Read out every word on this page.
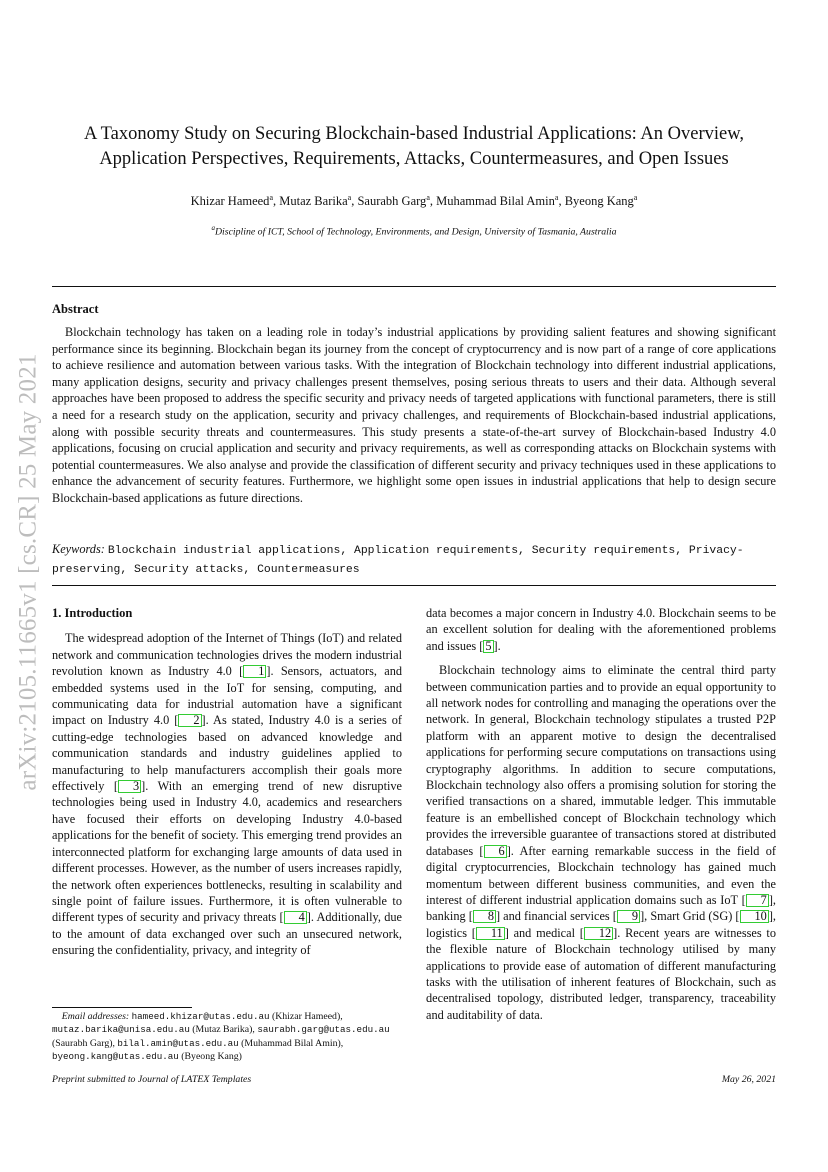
arXiv:2105.11665v1 [cs.CR] 25 May 2021
A Taxonomy Study on Securing Blockchain-based Industrial Applications: An Overview,
Application Perspectives, Requirements, Attacks, Countermeasures, and Open Issues
Khizar Hameed$^a$, Mutaz Barika$^a$, Saurabh Garg$^a$, Muhammad Bilal Amin$^a$, Byeong Kang$^a$
$^a$Discipline of ICT, School of Technology, Environments, and Design, University of Tasmania, Australia
Abstract
Blockchain technology has taken on a leading role in today’s industrial applications by providing salient features and showing significant performance since its beginning. Blockchain began its journey from the concept of cryptocurrency and is now part of a range of core applications to achieve resilience and automation between various tasks. With the integration of Blockchain technology into different industrial applications, many application designs, security and privacy challenges present themselves, posing serious threats to users and their data. Although several approaches have been proposed to address the specific security and privacy needs of targeted applications with functional parameters, there is still a need for a research study on the application, security and privacy challenges, and requirements of Blockchain-based industrial applications, along with possible security threats and countermeasures. This study presents a state-of-the-art survey of Blockchain-based Industry 4.0 applications, focusing on crucial application and security and privacy requirements, as well as corresponding attacks on Blockchain systems with potential countermeasures. We also analyse and provide the classification of different security and privacy techniques used in these applications to enhance the advancement of security features. Furthermore, we highlight some open issues in industrial applications that help to design secure Blockchain-based applications as future directions.
Keywords: Blockchain industrial applications, Application requirements, Security requirements, Privacy-preserving, Security attacks, Countermeasures
1. Introduction

The widespread adoption of the Internet of Things (IoT) and related network and communication technologies drives the modern industrial revolution known as Industry 4.0 [ 1 ]. Sensors, actuators, and embedded systems used in the IoT for sensing, computing, and communicating data for industrial automation have a significant impact on Industry 4.0 [ 2 ]. As stated, Industry 4.0 is a series of cutting-edge technologies based on advanced knowledge and communication standards and industry guidelines applied to manufacturing to help manufacturers accomplish their goals more effectively [ 3 ]. With an emerging trend of new disruptive technologies being used in Industry 4.0, academics and researchers have focused their efforts on developing Industry 4.0-based applications for the benefit of society. This emerging trend provides an interconnected platform for exchanging large amounts of data used in different processes. However, as the number of users increases rapidly, the network often experiences bottlenecks, resulting in scalability and single point of failure issues. Furthermore, it is often vulnerable to different types of security and privacy threats [ 4 ]. Additionally, due to the amount of data exchanged over such an unsecured network, ensuring the confidentiality, privacy, and integrity of

data becomes a major concern in Industry 4.0. Blockchain seems to be an excellent solution for dealing with the aforementioned problems and issues [ 5 ].

Blockchain technology aims to eliminate the central third party between communication parties and to provide an equal opportunity to all network nodes for controlling and managing the operations over the network. In general, Blockchain technology stipulates a trusted P2P platform with an apparent motive to design the decentralised applications for performing secure computations on transactions using cryptography algorithms. In addition to secure computations, Blockchain technology also offers a promising solution for storing the verified transactions on a shared, immutable ledger. This immutable feature is an embellished concept of Blockchain technology which provides the irreversible guarantee of transactions stored at distributed databases [ 6 ]. After earning remarkable success in the field of digital cryptocurrencies, Blockchain technology has gained much momentum between different business communities, and even the interest of different industrial application domains such as IoT [ 7 ], banking [ 8 ] and financial services [ 9 ], Smart Grid (SG) [ 10 ], logistics [ 11 ] and medical [ 12 ]. Recent years are witnesses to the flexible nature of Blockchain technology utilised by many applications to provide ease of automation of different manufacturing tasks with the utilisation of inherent features of Blockchain, such as decentralised topology, distributed ledger, transparency, traceability and auditability of data.

Email addresses: hameed.khizar@utas.edu.au (Khizar Hameed), mutaz.barika@unisa.edu.au (Mutaz Barika), saurabh.garg@utas.edu.au (Saurabh Garg), bilal.amin@utas.edu.au (Muhammad Bilal Amin), byeong.kang@utas.edu.au (Byeong Kang)
Preprint submitted to Journal of LATEX Templates	May 26, 2021
